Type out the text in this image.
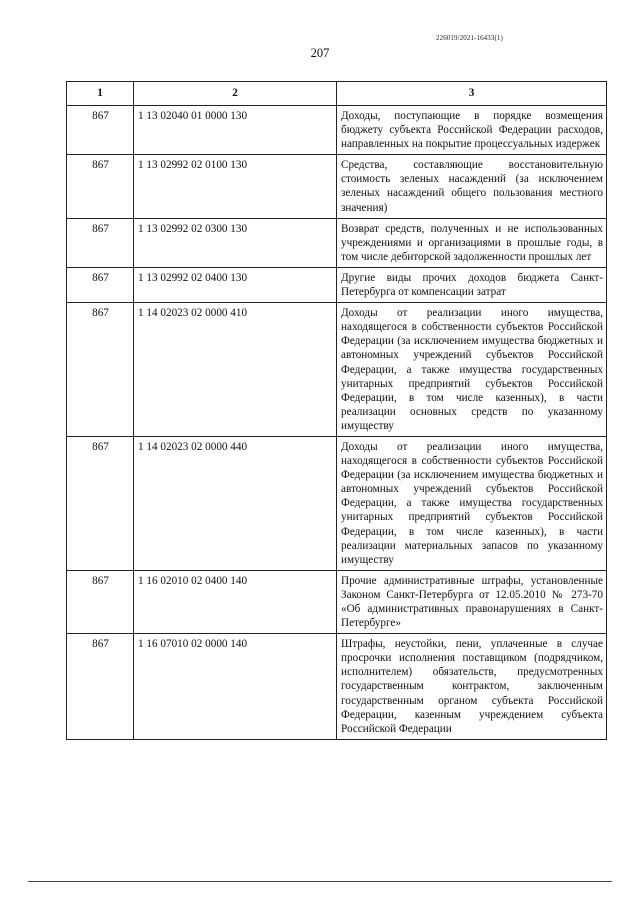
226019/2021-16433(1)
207
1	2	3
867	1 13 02040 01 0000 130	Доходы, поступающие в порядке возмещения бюджету субъекта Российской Федерации расходов, направленных на покрытие процессуальных издержек
867	1 13 02992 02 0100 130	Средства, составляющие восстановительную стоимость зеленых насаждений (за исключением зеленых насаждений общего пользования местного значения)
867	1 13 02992 02 0300 130	Возврат средств, полученных и не использованных учреждениями и организациями в прошлые годы, в том числе дебиторской задолженности прошлых лет
867	1 13 02992 02 0400 130	Другие виды прочих доходов бюджета Санкт-Петербурга от компенсации затрат
867	1 14 02023 02 0000 410	Доходы от реализации иного имущества, находящегося в собственности субъектов Российской Федерации (за исключением имущества бюджетных и автономных учреждений субъектов Российской Федерации, а также имущества государственных унитарных предприятий субъектов Российской Федерации, в том числе казенных), в части реализации основных средств по указанному имуществу
867	1 14 02023 02 0000 440	Доходы от реализации иного имущества, находящегося в собственности субъектов Российской Федерации (за исключением имущества бюджетных и автономных учреждений субъектов Российской Федерации, а также имущества государственных унитарных предприятий субъектов Российской Федерации, в том числе казенных), в части реализации материальных запасов по указанному имуществу
867	1 16 02010 02 0400 140	Прочие административные штрафы, установленные Законом Санкт-Петербурга от 12.05.2010 № 273-70 «Об административных правонарушениях в Санкт-Петербурге»
867	1 16 07010 02 0000 140	Штрафы, неустойки, пени, уплаченные в случае просрочки исполнения поставщиком (подрядчиком, исполнителем) обязательств, предусмотренных государственным контрактом, заключенным государственным органом субъекта Российской Федерации, казенным учреждением субъекта Российской Федерации
